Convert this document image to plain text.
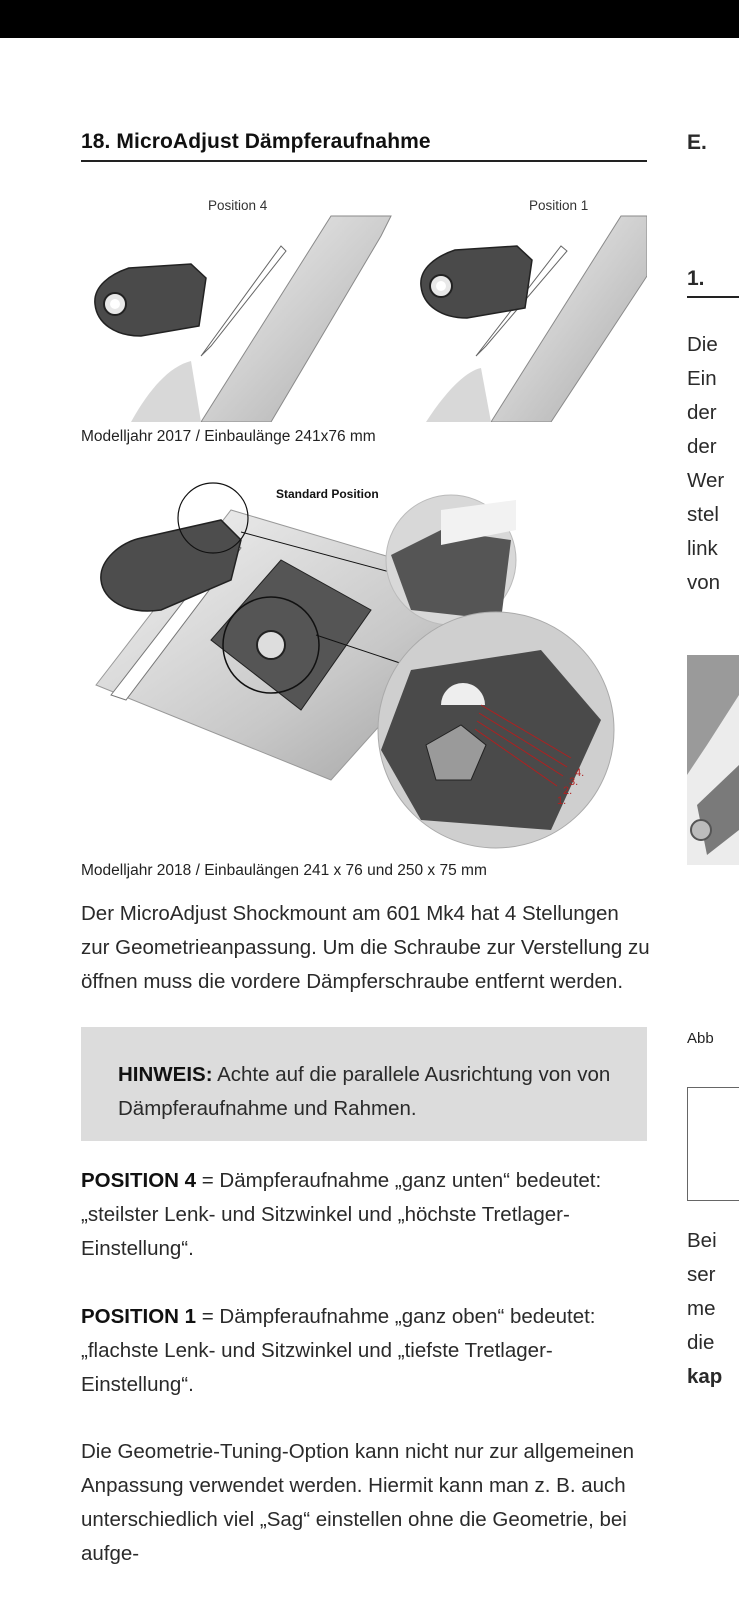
18. MicroAdjust Dämpferaufnahme
Position 4	Position 1

Modelljahr 2017 / Einbaulänge 241x76 mm

Standard Position
4.
3.
2.
1.

Modelljahr 2018 / Einbaulängen 241 x 76 und 250 x 75 mm

Der MicroAdjust Shockmount am 601 Mk4 hat 4 Stellungen zur Geometrieanpassung. Um die Schraube zur Verstellung zu öffnen muss die vordere Dämpferschraube entfernt werden.

HINWEIS: Achte auf die parallele Ausrichtung von von Dämpferaufnahme und Rahmen.

POSITION 4 = Dämpferaufnahme „ganz unten“ bedeutet: „steilster Lenk- und Sitzwinkel und „höchste Tretlager-Einstellung“.

POSITION 1 = Dämpferaufnahme „ganz oben“ bedeutet: „flachste Lenk- und Sitzwinkel und „tiefste Tretlager-Einstellung“.

Die Geometrie-Tuning-Option kann nicht nur zur allgemeinen Anpassung verwendet werden. Hiermit kann man z. B. auch unterschiedlich viel „Sag“ einstellen ohne die Geometrie, bei aufge-

E.
1.
Die
Ein
der
der
Wer
stel
link
von
Abb
Bei
ser
me
die
kap
